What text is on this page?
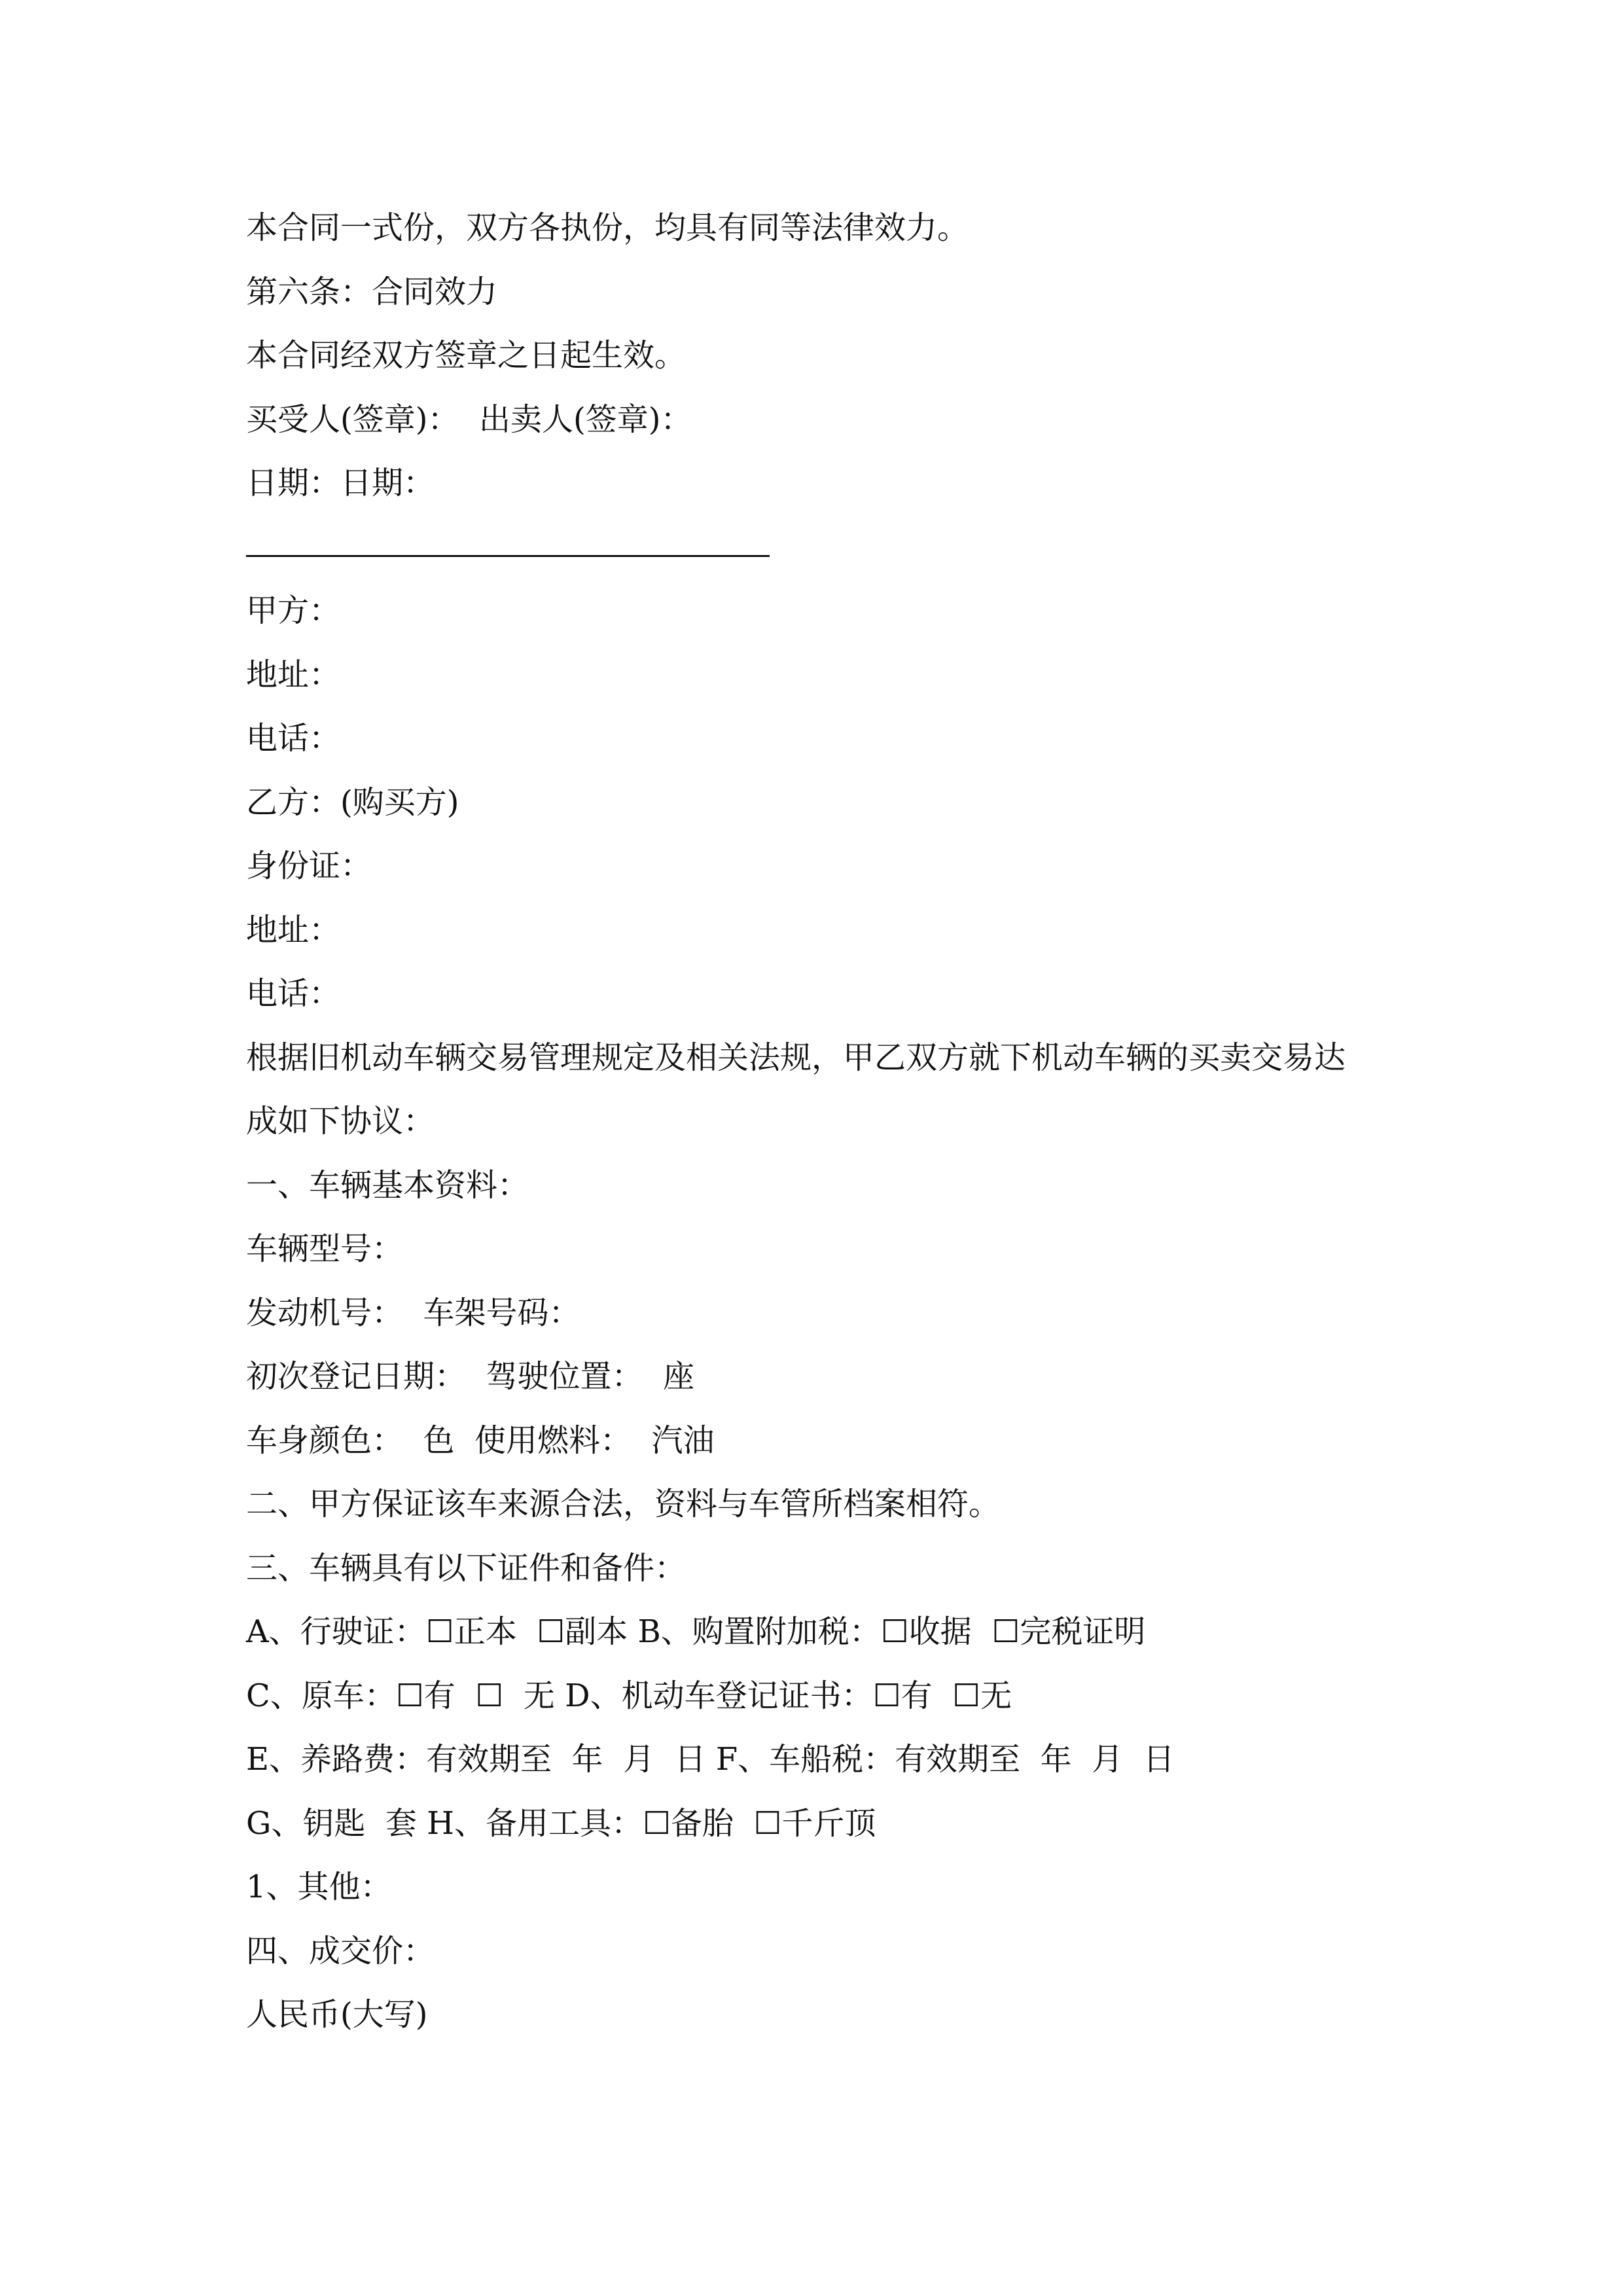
本合同一式份，双方各执份，均具有同等法律效力。
第六条：合同效力
本合同经双方签章之日起生效。
买受人(签章)：  出卖人(签章)：
日期：日期：
甲方：
地址：
电话：
乙方：(购买方)
身份证：
地址：
电话：
根据旧机动车辆交易管理规定及相关法规，甲乙双方就下机动车辆的买卖交易达
成如下协议：
一、车辆基本资料：
车辆型号：
发动机号：  车架号码：
初次登记日期：  驾驶位置：  座
车身颜色：  色  使用燃料：  汽油
二、甲方保证该车来源合法，资料与车管所档案相符。
三、车辆具有以下证件和备件：
A、行驶证：☐正本  ☐副本 B、购置附加税：☐收据  ☐完税证明
C、原车：☐有  ☐  无 D、机动车登记证书：☐有  ☐无
E、养路费：有效期至  年  月  日 F、车船税：有效期至  年  月  日
G、钥匙  套 H、备用工具：☐备胎  ☐千斤顶
1、其他：
四、成交价：
人民币(大写)
